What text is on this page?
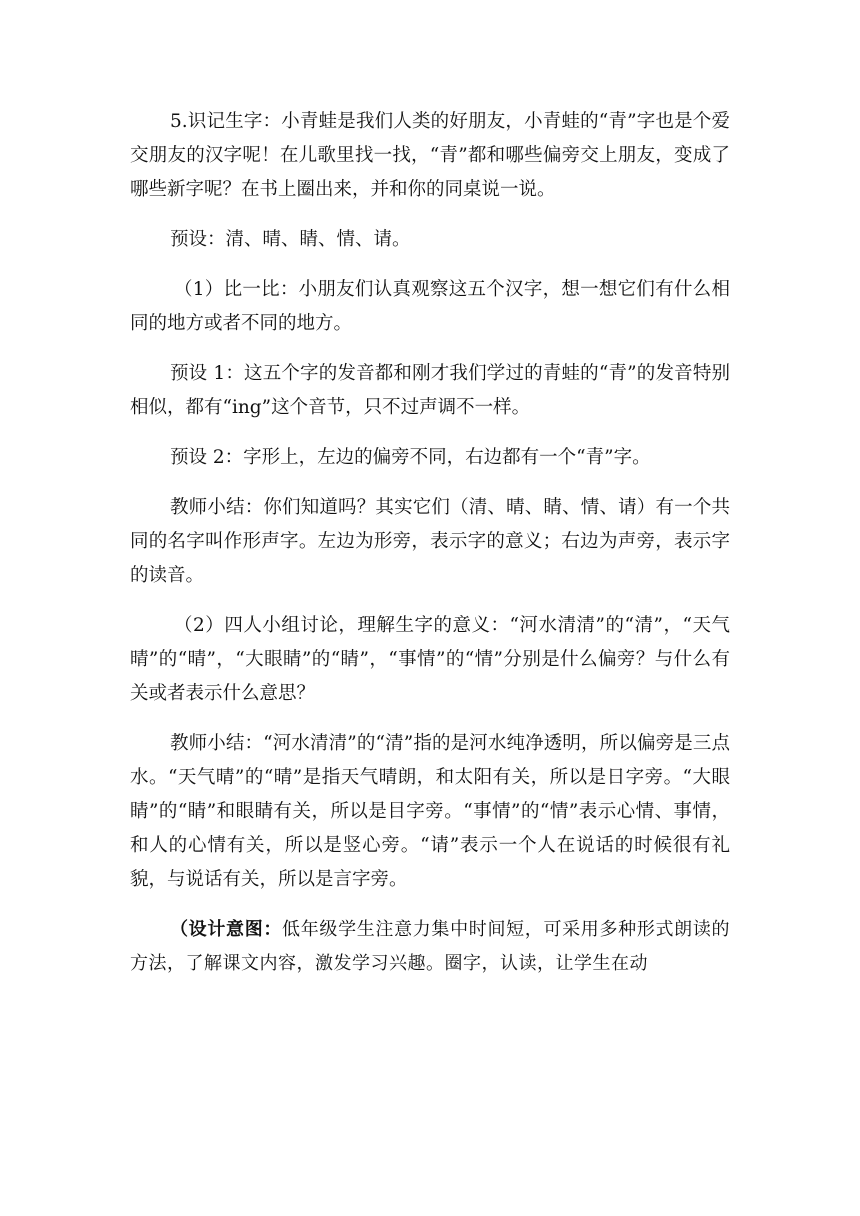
5.识记生字：小青蛙是我们人类的好朋友，小青蛙的“青”字也是个爱交朋友的汉字呢！在儿歌里找一找，“青”都和哪些偏旁交上朋友，变成了哪些新字呢？在书上圈出来，并和你的同桌说一说。

预设：清、晴、睛、情、请。

（1）比一比：小朋友们认真观察这五个汉字，想一想它们有什么相同的地方或者不同的地方。

预设 1：这五个字的发音都和刚才我们学过的青蛙的“青”的发音特别相似，都有“ing”这个音节，只不过声调不一样。

预设 2：字形上，左边的偏旁不同，右边都有一个“青”字。

教师小结：你们知道吗？其实它们（清、晴、睛、情、请）有一个共同的名字叫作形声字。左边为形旁，表示字的意义；右边为声旁，表示字的读音。

（2）四人小组讨论，理解生字的意义：“河水清清”的“清”，“天气晴”的“晴”，“大眼睛”的“睛”，“事情”的“情”分别是什么偏旁？与什么有关或者表示什么意思？

教师小结：“河水清清”的“清”指的是河水纯净透明，所以偏旁是三点水。“天气晴”的“晴”是指天气晴朗，和太阳有关，所以是日字旁。“大眼睛”的“睛”和眼睛有关，所以是目字旁。“事情”的“情”表示心情、事情，和人的心情有关，所以是竖心旁。“请”表示一个人在说话的时候很有礼貌，与说话有关，所以是言字旁。

（设计意图：低年级学生注意力集中时间短，可采用多种形式朗读的方法，了解课文内容，激发学习兴趣。圈字，认读，让学生在动
